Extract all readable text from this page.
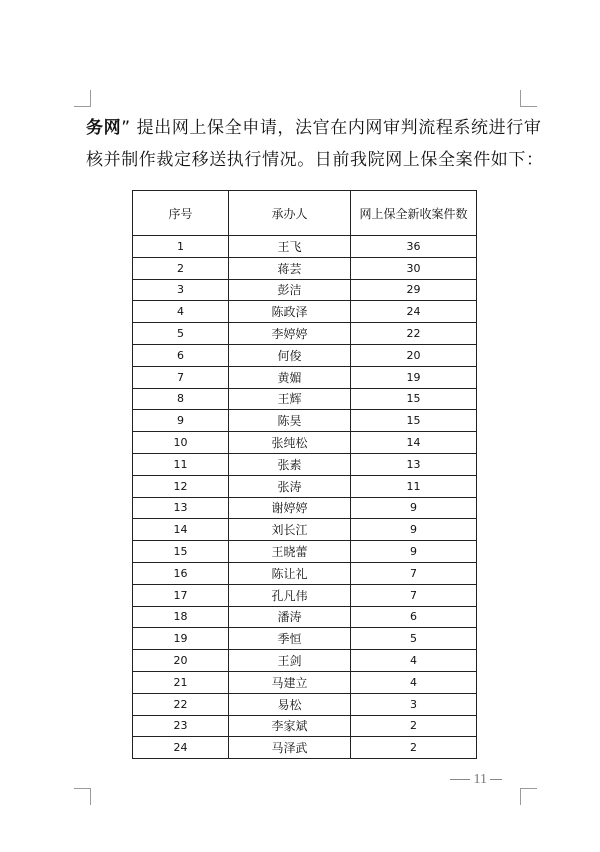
务网” 提出网上保全申请，法官在内网审判流程系统进行审
核并制作裁定移送执行情况。日前我院网上保全案件如下：
序号	承办人	网上保全新收案件数
1	王飞	36
2	蒋芸	30
3	彭洁	29
4	陈政泽	24
5	李婷婷	22
6	何俊	20
7	黄媚	19
8	王辉	15
9	陈昊	15
10	张纯松	14
11	张素	13
12	张涛	11
13	谢婷婷	9
14	刘长江	9
15	王晓蕾	9
16	陈让礼	7
17	孔凡伟	7
18	潘涛	6
19	季恒	5
20	王剑	4
21	马建立	4
22	易松	3
23	李家斌	2
24	马泽武	2
11
